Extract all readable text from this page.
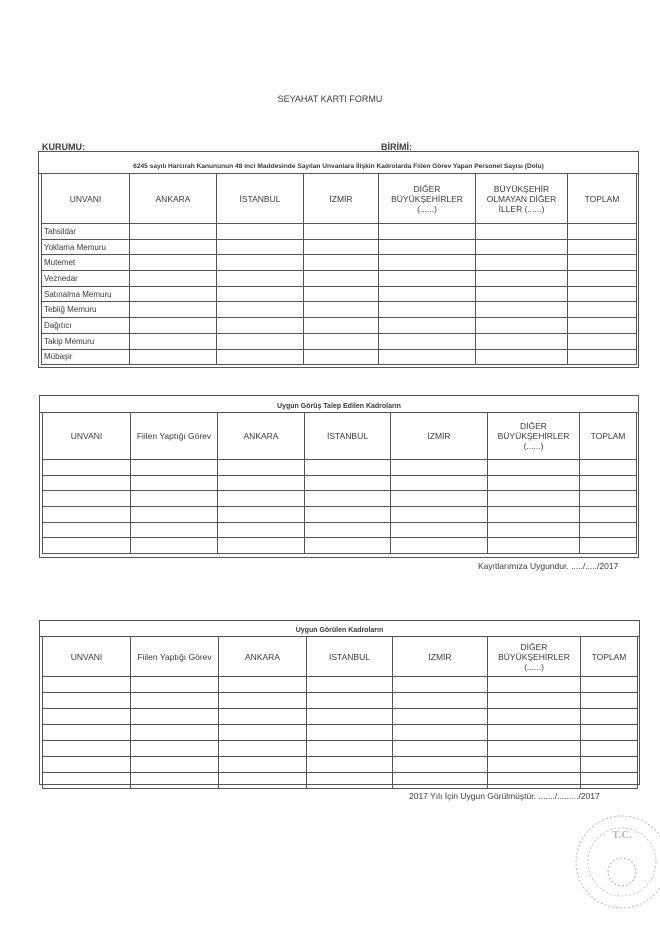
SEYAHAT KARTI FORMU
KURUMU:	BİRİMİ:
6245 sayılı Harcırah Kanununun 48 inci Maddesinde Sayılan Unvanlara İlişkin Kadrolarda Fiilen Görev Yapan Personel Sayısı (Dolu)
UNVANI	ANKARA	İSTANBUL	İZMİR	DİĞER BÜYÜKŞEHİRLER (......)	BÜYÜKŞEHİR OLMAYAN DİĞER İLLER (......)	TOPLAM
Tahsildar						
Yoklama Memuru						
Mutemet						
Veznedar						
Satınalma Memuru						
Tebliğ Memuru						
Dağıtıcı						
Takip Memuru						
Mübaşir						
Uygun Görüş Talep Edilen Kadroların
UNVANI	Fiilen Yaptığı Görev	ANKARA	İSTANBUL	İZMİR	DİĞER BÜYÜKŞEHİRLER (......)	TOPLAM

Kayıtlarımıza Uygundur. ...../...../2017
Uygun Görülen Kadroların
UNVANI	Fiilen Yaptığı Görev	ANKARA	İSTANBUL	İZMİR	DİĞER BÜYÜKŞEHİRLER (......)	TOPLAM

2017 Yılı İçin Uygun Görülmüştür. ......./........./2017
T.C.
